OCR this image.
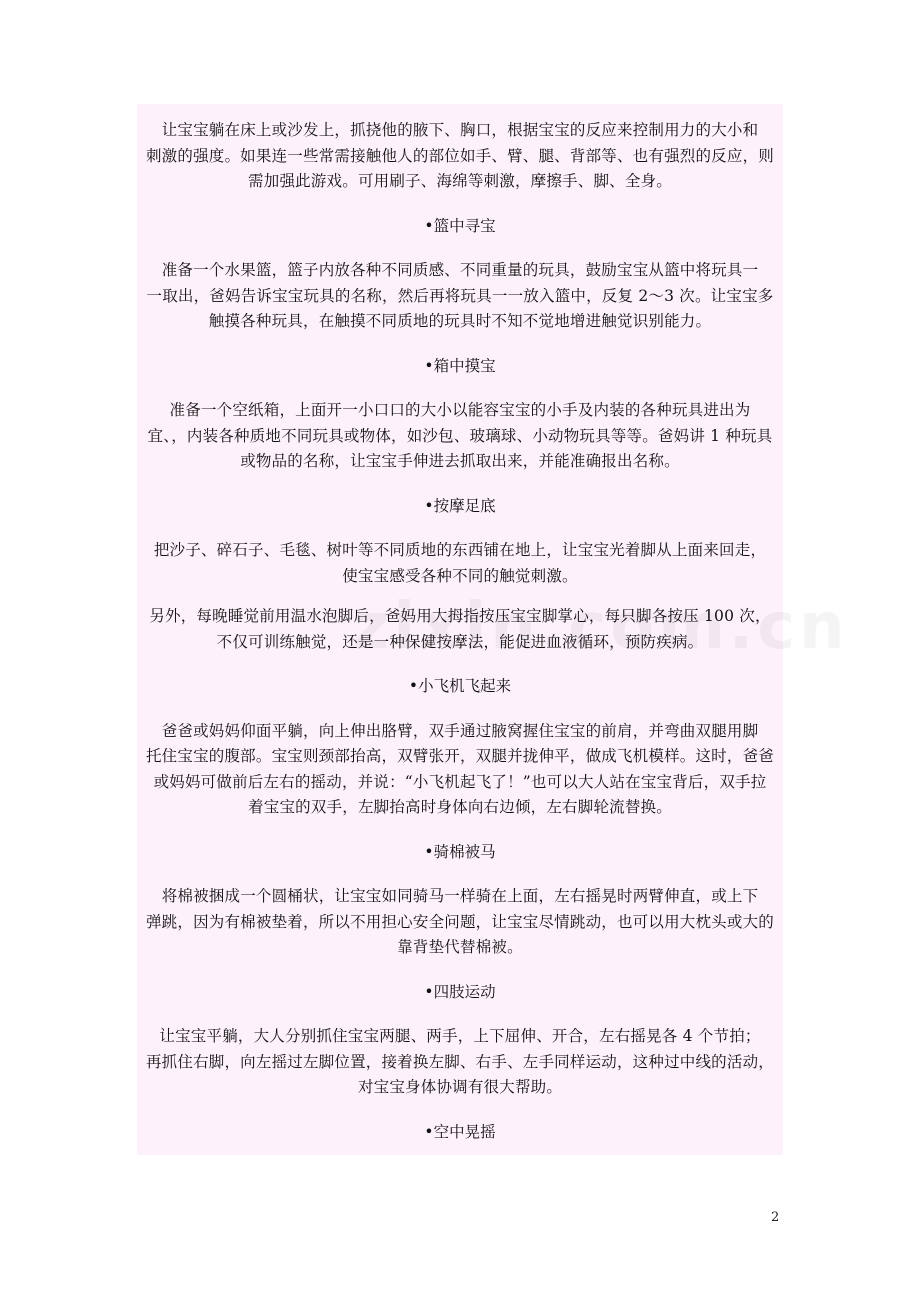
让宝宝躺在床上或沙发上，抓挠他的腋下、胸口，根据宝宝的反应来控制用力的大小和
刺激的强度。如果连一些常需接触他人的部位如手、臂、腿、背部等、也有强烈的反应，则
需加强此游戏。可用刷子、海绵等刺激，摩擦手、脚、全身。

•篮中寻宝

准备一个水果篮，篮子内放各种不同质感、不同重量的玩具，鼓励宝宝从篮中将玩具一
一取出，爸妈告诉宝宝玩具的名称，然后再将玩具一一放入篮中，反复 2～3 次。让宝宝多
触摸各种玩具，在触摸不同质地的玩具时不知不觉地增进触觉识别能力。

•箱中摸宝

准备一个空纸箱，上面开一小口口的大小以能容宝宝的小手及内装的各种玩具进出为
宜、，内装各种质地不同玩具或物体，如沙包、玻璃球、小动物玩具等等。爸妈讲 1 种玩具
或物品的名称，让宝宝手伸进去抓取出来，并能准确报出名称。

•按摩足底

把沙子、碎石子、毛毯、树叶等不同质地的东西铺在地上，让宝宝光着脚从上面来回走，
使宝宝感受各种不同的触觉刺激。

另外，每晚睡觉前用温水泡脚后，爸妈用大拇指按压宝宝脚掌心，每只脚各按压 100 次，
不仅可训练触觉，还是一种保健按摩法，能促进血液循环，预防疾病。

•小飞机飞起来

爸爸或妈妈仰面平躺，向上伸出胳臂，双手通过腋窝握住宝宝的前肩，并弯曲双腿用脚
托住宝宝的腹部。宝宝则颈部抬高，双臂张开，双腿并拢伸平，做成飞机模样。这时，爸爸
或妈妈可做前后左右的摇动，并说：“小飞机起飞了！”也可以大人站在宝宝背后，双手拉
着宝宝的双手，左脚抬高时身体向右边倾，左右脚轮流替换。

•骑棉被马

将棉被捆成一个圆桶状，让宝宝如同骑马一样骑在上面，左右摇晃时两臂伸直，或上下
弹跳，因为有棉被垫着，所以不用担心安全问题，让宝宝尽情跳动，也可以用大枕头或大的
靠背垫代替棉被。

•四肢运动

让宝宝平躺，大人分别抓住宝宝两腿、两手，上下屈伸、开合，左右摇晃各 4 个节拍；
再抓住右脚，向左摇过左脚位置，接着换左脚、右手、左手同样运动，这种过中线的活动，
对宝宝身体协调有很大帮助。

•空中晃摇

2
